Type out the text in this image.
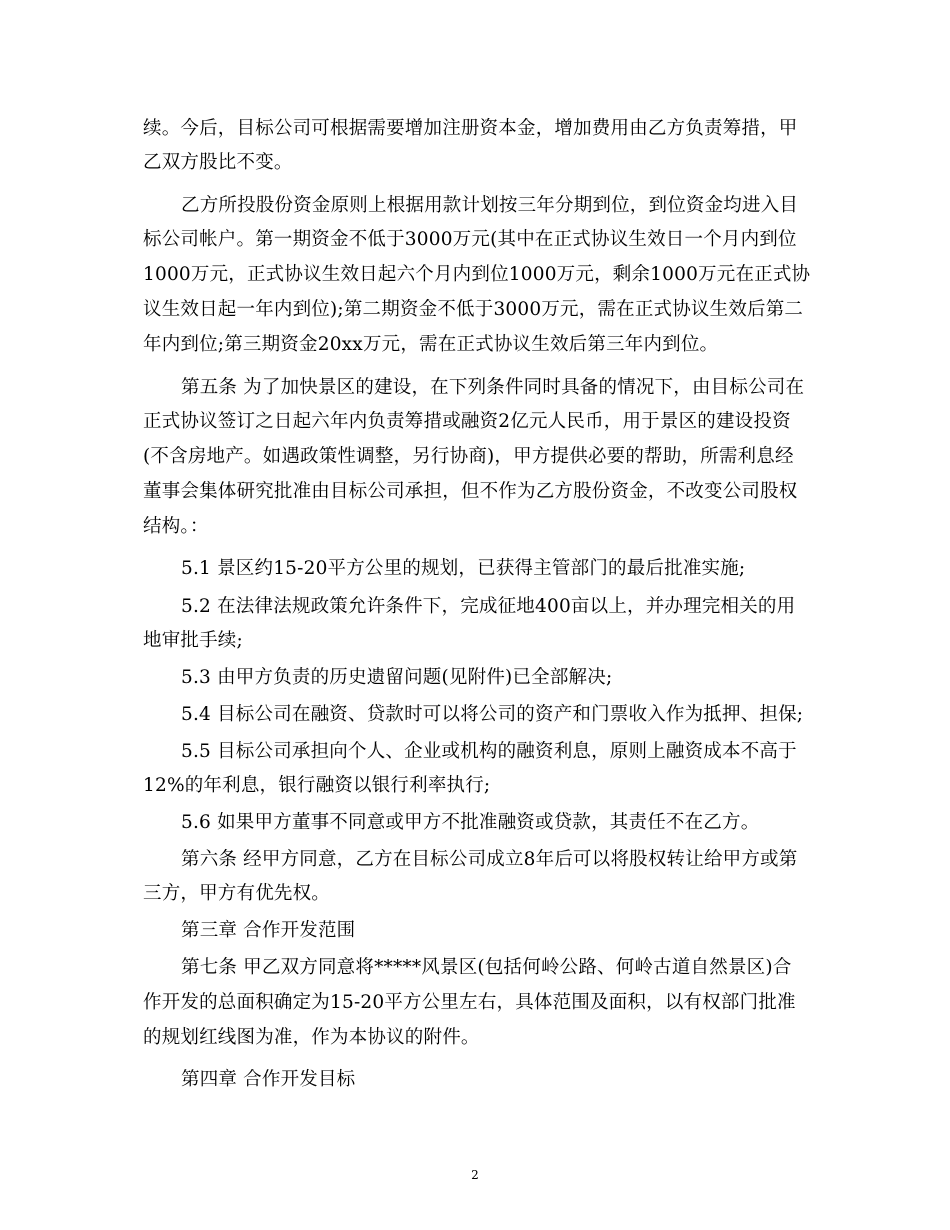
续。今后，目标公司可根据需要增加注册资本金，增加费用由乙方负责筹措，甲
乙双方股比不变。
乙方所投股份资金原则上根据用款计划按三年分期到位，到位资金均进入目
标公司帐户。第一期资金不低于3000万元(其中在正式协议生效日一个月内到位
1000万元，正式协议生效日起六个月内到位1000万元，剩余1000万元在正式协
议生效日起一年内到位);第二期资金不低于3000万元，需在正式协议生效后第二
年内到位;第三期资金20xx万元，需在正式协议生效后第三年内到位。
第五条 为了加快景区的建设，在下列条件同时具备的情况下，由目标公司在
正式协议签订之日起六年内负责筹措或融资2亿元人民币，用于景区的建设投资
(不含房地产。如遇政策性调整，另行协商)，甲方提供必要的帮助，所需利息经
董事会集体研究批准由目标公司承担，但不作为乙方股份资金，不改变公司股权
结构。：
5.1 景区约15-20平方公里的规划，已获得主管部门的最后批准实施;
5.2 在法律法规政策允许条件下，完成征地400亩以上，并办理完相关的用
地审批手续;
5.3 由甲方负责的历史遗留问题(见附件)已全部解决;
5.4 目标公司在融资、贷款时可以将公司的资产和门票收入作为抵押、担保;
5.5 目标公司承担向个人、企业或机构的融资利息，原则上融资成本不高于
12%的年利息，银行融资以银行利率执行;
5.6 如果甲方董事不同意或甲方不批准融资或贷款，其责任不在乙方。
第六条 经甲方同意，乙方在目标公司成立8年后可以将股权转让给甲方或第
三方，甲方有优先权。
第三章 合作开发范围
第七条 甲乙双方同意将*****风景区(包括何岭公路、何岭古道自然景区)合
作开发的总面积确定为15-20平方公里左右，具体范围及面积，以有权部门批准
的规划红线图为准，作为本协议的附件。
第四章 合作开发目标
2
